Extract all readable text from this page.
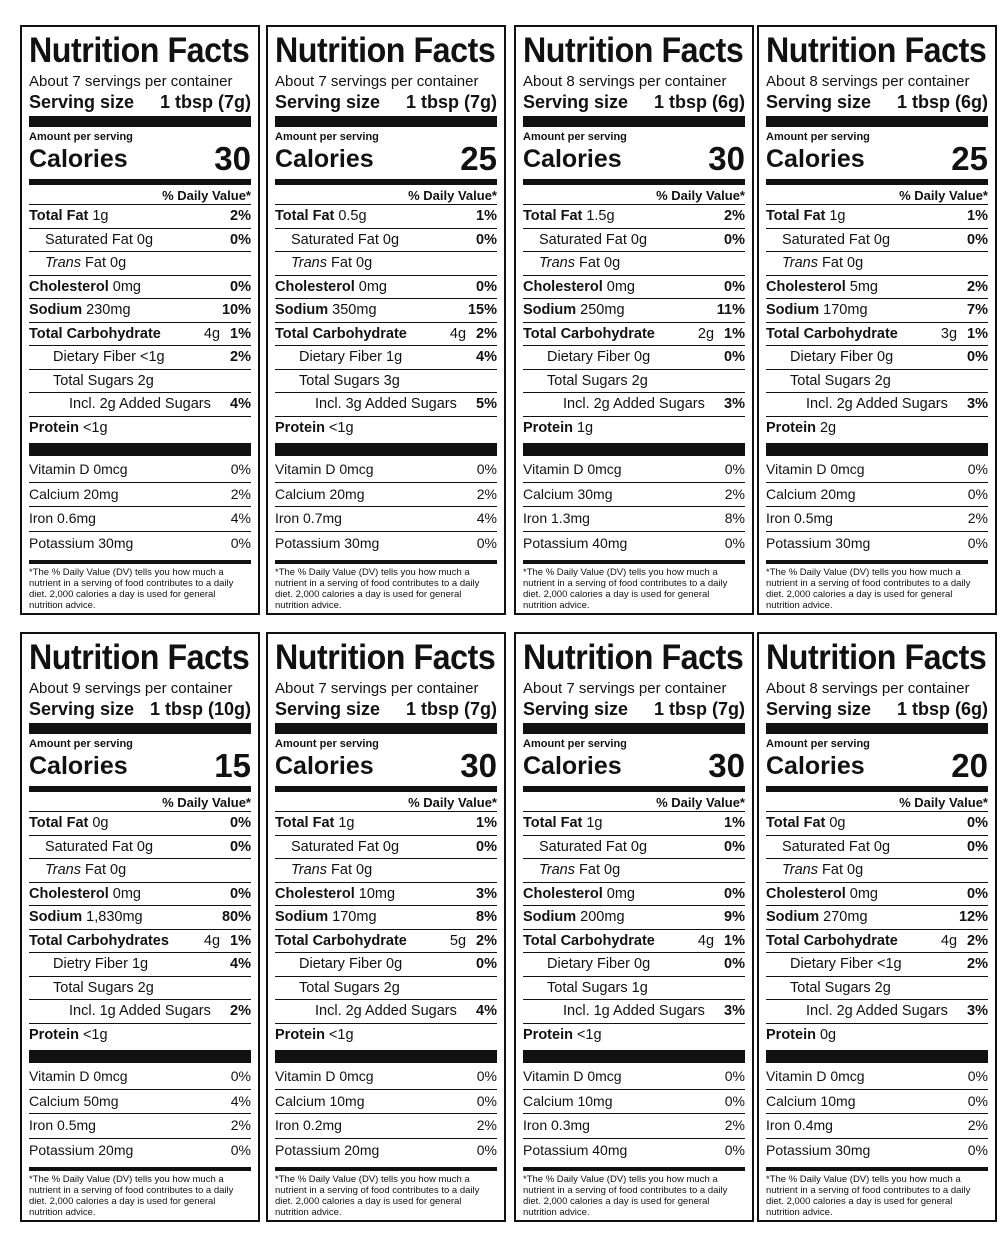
Nutrition Facts
About 7 servings per container
Serving size 1 tbsp (7g)
Amount per serving
Calories	30
% Daily Value*
Total Fat 1g	2%
Saturated Fat 0g	0%
Trans Fat 0g
Cholesterol 0mg	0%
Sodium 230mg	10%
Total Carbohydrate	4g 1%
Dietary Fiber <1g	2%
Total Sugars 2g
Incl. 2g Added Sugars 4%
Protein <1g
Vitamin D 0mcg	0%
Calcium 20mg	2%
Iron 0.6mg	4%
Potassium 30mg	0%
*The % Daily Value (DV) tells you how much a nutrient in a serving of food contributes to a daily diet. 2,000 calories a day is used for general nutrition advice.
Nutrition Facts
About 7 servings per container
Serving size 1 tbsp (7g)
Amount per serving
Calories	25
% Daily Value*
Total Fat 0.5g	1%
Saturated Fat 0g	0%
Trans Fat 0g
Cholesterol 0mg	0%
Sodium 350mg	15%
Total Carbohydrate	4g 2%
Dietary Fiber 1g	4%
Total Sugars 3g
Incl. 3g Added Sugars 5%
Protein <1g
Vitamin D 0mcg	0%
Calcium 20mg	2%
Iron 0.7mg	4%
Potassium 30mg	0%
*The % Daily Value (DV) tells you how much a nutrient in a serving of food contributes to a daily diet. 2,000 calories a day is used for general nutrition advice.
Nutrition Facts
About 8 servings per container
Serving size 1 tbsp (6g)
Amount per serving
Calories	30
% Daily Value*
Total Fat 1.5g	2%
Saturated Fat 0g	0%
Trans Fat 0g
Cholesterol 0mg	0%
Sodium 250mg	11%
Total Carbohydrate	2g 1%
Dietary Fiber 0g	0%
Total Sugars 2g
Incl. 2g Added Sugars 3%
Protein 1g
Vitamin D 0mcg	0%
Calcium 30mg	2%
Iron 1.3mg	8%
Potassium 40mg	0%
*The % Daily Value (DV) tells you how much a nutrient in a serving of food contributes to a daily diet. 2,000 calories a day is used for general nutrition advice.
Nutrition Facts
About 8 servings per container
Serving size 1 tbsp (6g)
Amount per serving
Calories	25
% Daily Value*
Total Fat 1g	1%
Saturated Fat 0g	0%
Trans Fat 0g
Cholesterol 5mg	2%
Sodium 170mg	7%
Total Carbohydrate	3g 1%
Dietary Fiber 0g	0%
Total Sugars 2g
Incl. 2g Added Sugars 3%
Protein 2g
Vitamin D 0mcg	0%
Calcium 20mg	0%
Iron 0.5mg	2%
Potassium 30mg	0%
*The % Daily Value (DV) tells you how much a nutrient in a serving of food contributes to a daily diet. 2,000 calories a day is used for general nutrition advice.
Nutrition Facts
About 9 servings per container
Serving size 1 tbsp (10g)
Amount per serving
Calories	15
% Daily Value*
Total Fat 0g	0%
Saturated Fat 0g	0%
Trans Fat 0g
Cholesterol 0mg	0%
Sodium 1,830mg	80%
Total Carbohydrates 4g 1%
Dietry Fiber 1g	4%
Total Sugars 2g
Incl. 1g Added Sugars 2%
Protein <1g
Vitamin D 0mcg	0%
Calcium 50mg	4%
Iron 0.5mg	2%
Potassium 20mg	0%
*The % Daily Value (DV) tells you how much a nutrient in a serving of food contributes to a daily diet. 2,000 calories a day is used for general nutrition advice.
Nutrition Facts
About 7 servings per container
Serving size 1 tbsp (7g)
Amount per serving
Calories	30
% Daily Value*
Total Fat 1g	1%
Saturated Fat 0g	0%
Trans Fat 0g
Cholesterol 10mg	3%
Sodium 170mg	8%
Total Carbohydrate	5g 2%
Dietary Fiber 0g	0%
Total Sugars 2g
Incl. 2g Added Sugars 4%
Protein <1g
Vitamin D 0mcg	0%
Calcium 10mg	0%
Iron 0.2mg	2%
Potassium 20mg	0%
*The % Daily Value (DV) tells you how much a nutrient in a serving of food contributes to a daily diet. 2,000 calories a day is used for general nutrition advice.
Nutrition Facts
About 7 servings per container
Serving size 1 tbsp (7g)
Amount per serving
Calories	30
% Daily Value*
Total Fat 1g	1%
Saturated Fat 0g	0%
Trans Fat 0g
Cholesterol 0mg	0%
Sodium 200mg	9%
Total Carbohydrate	4g 1%
Dietary Fiber 0g	0%
Total Sugars 1g
Incl. 1g Added Sugars 3%
Protein <1g
Vitamin D 0mcg	0%
Calcium 10mg	0%
Iron 0.3mg	2%
Potassium 40mg	0%
*The % Daily Value (DV) tells you how much a nutrient in a serving of food contributes to a daily diet. 2,000 calories a day is used for general nutrition advice.
Nutrition Facts
About 8 servings per container
Serving size 1 tbsp (6g)
Amount per serving
Calories	20
% Daily Value*
Total Fat 0g	0%
Saturated Fat 0g	0%
Trans Fat 0g
Cholesterol 0mg	0%
Sodium 270mg	12%
Total Carbohydrate	4g 2%
Dietary Fiber <1g	2%
Total Sugars 2g
Incl. 2g Added Sugars 3%
Protein 0g
Vitamin D 0mcg	0%
Calcium 10mg	0%
Iron 0.4mg	2%
Potassium 30mg	0%
*The % Daily Value (DV) tells you how much a nutrient in a serving of food contributes to a daily diet. 2,000 calories a day is used for general nutrition advice.
